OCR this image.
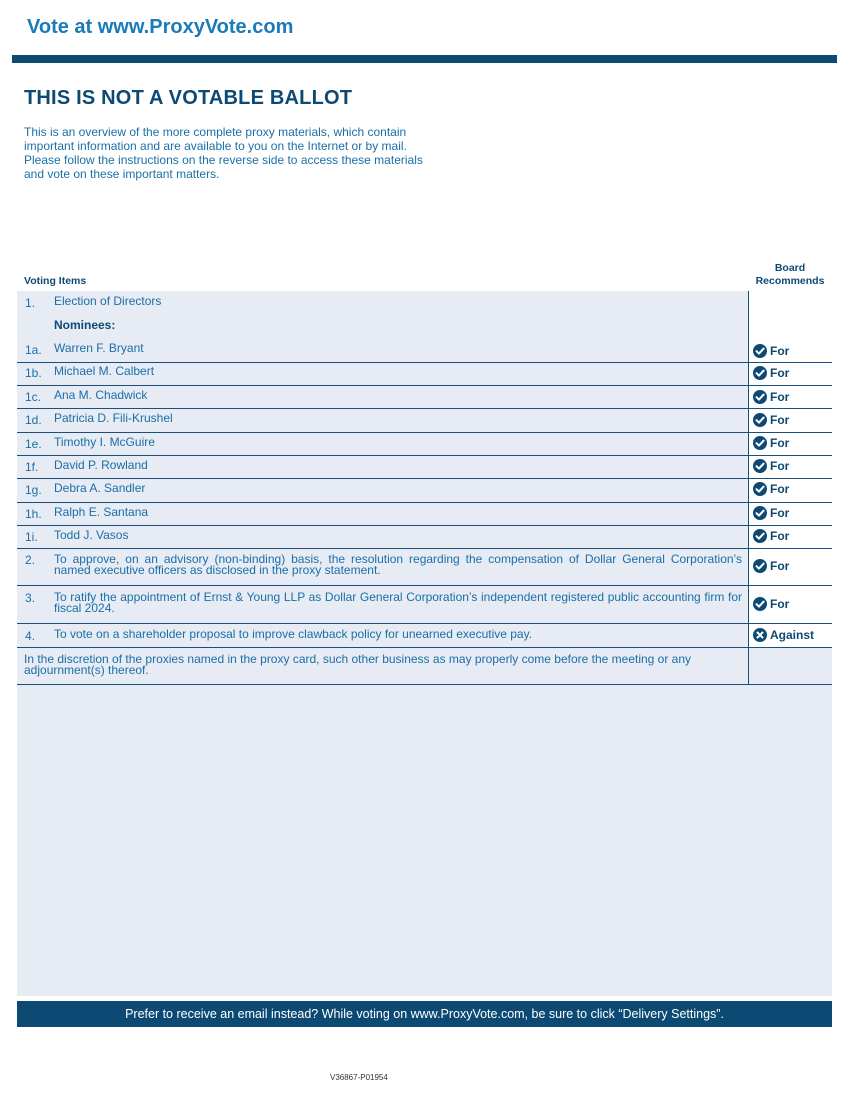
Vote at www.ProxyVote.com
THIS IS NOT A VOTABLE BALLOT
This is an overview of the more complete proxy materials, which contain important information and are available to you on the Internet or by mail. Please follow the instructions on the reverse side to access these materials and vote on these important matters.
Voting Items
Board
Recommends
1. Election of Directors
Nominees:
1a. Warren F. Bryant	For
1b. Michael M. Calbert	For
1c. Ana M. Chadwick	For
1d. Patricia D. Fili-Krushel	For
1e. Timothy I. McGuire	For
1f. David P. Rowland	For
1g. Debra A. Sandler	For
1h. Ralph E. Santana	For
1i. Todd J. Vasos	For
2. To approve, on an advisory (non-binding) basis, the resolution regarding the compensation of Dollar General Corporation’s named executive officers as disclosed in the proxy statement.	For
3. To ratify the appointment of Ernst & Young LLP as Dollar General Corporation’s independent registered public accounting firm for fiscal 2024.	For
4. To vote on a shareholder proposal to improve clawback policy for unearned executive pay.	Against
In the discretion of the proxies named in the proxy card, such other business as may properly come before the meeting or any adjournment(s) thereof.
Prefer to receive an email instead? While voting on www.ProxyVote.com, be sure to click “Delivery Settings”.
V36867-P01954
